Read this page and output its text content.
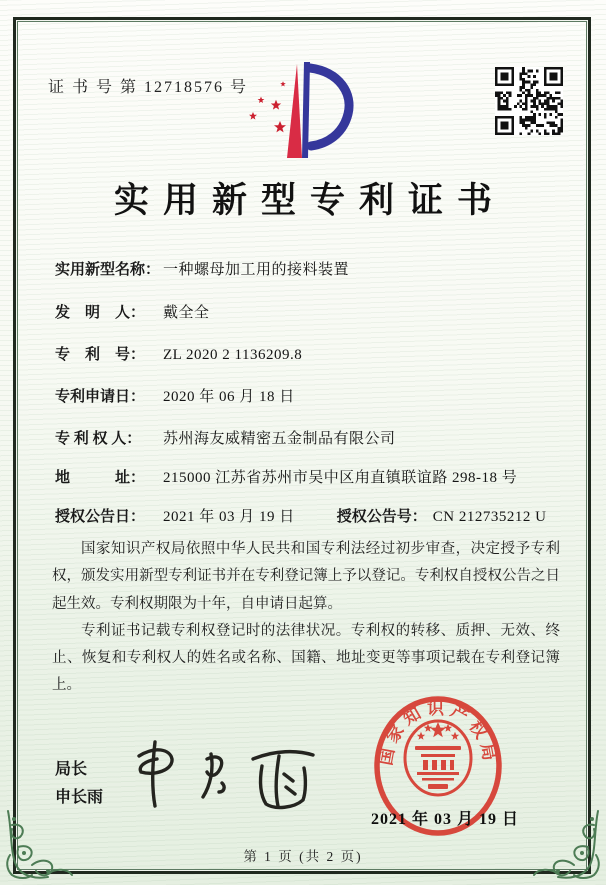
证 书 号 第 12718576 号
实用新型专利证书
实用新型名称： 一种螺母加工用的接料装置
发　明　人：	戴全全
专　利　号：	ZL 2020 2 1136209.8
专利申请日：	2020 年 06 月 18 日
专 利 权 人：	苏州海友威精密五金制品有限公司
地　　　址：	215000 江苏省苏州市吴中区甪直镇联谊路 298-18 号
授权公告日：	2021 年 03 月 19 日	授权公告号： CN 212735212 U

国家知识产权局依照中华人民共和国专利法经过初步审查，决定授予专利权，颁发实用新型专利证书并在专利登记簿上予以登记。专利权自授权公告之日起生效。专利权期限为十年，自申请日起算。

专利证书记载专利权登记时的法律状况。专利权的转移、质押、无效、终止、恢复和专利权人的姓名或名称、国籍、地址变更等事项记载在专利登记簿上。

局长
申长雨
国家知识产权局
2021 年 03 月 19 日
第 1 页 (共 2 页)
